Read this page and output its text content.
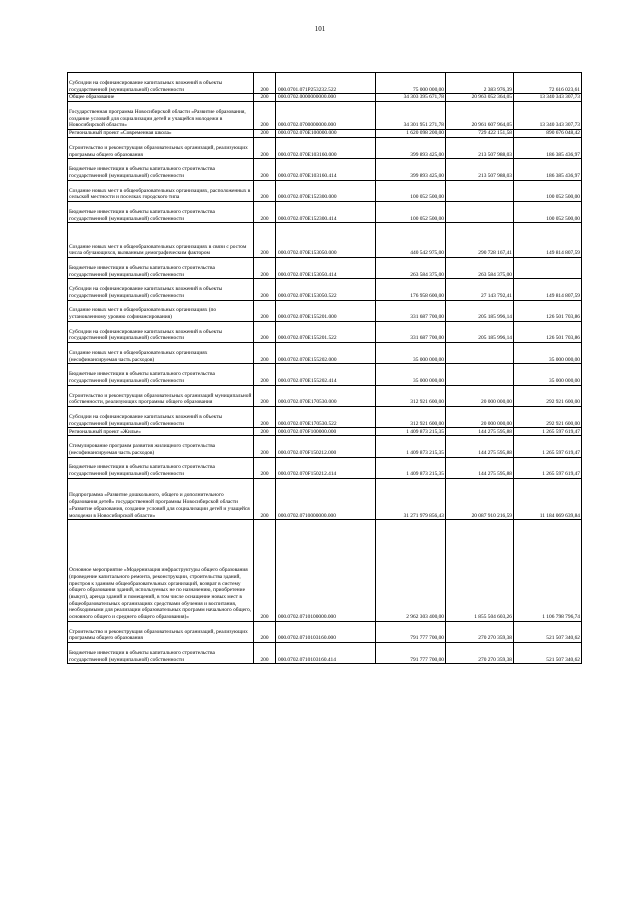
101
Субсидии на софинансирование капитальных вложений в объекты государственной (муниципальной) собственности	200	000.0701.071P253232.522	75 000 000,00	2 383 976,39	72 616 023,61
Общее образование	200	000.0702.0000000000.000	34 303 395 671,78	20 963 052 364,05	13 340 343 307,73
Государственная программа Новосибирской области «Развитие образования, создание условий для социализации детей и учащейся молодежи в Новосибирской области»	200	000.0702.0700000000.000	34 301 951 271,78	20 961 607 964,05	13 340 343 307,73
Региональный проект «Современная школа»	200	000.0702.070E100000.000	1 620 098 200,00	729 422 151,58	890 676 048,42
Строительство и реконструкция образовательных организаций, реализующих программы общего образования	200	000.0702.070E103160.000	399 893 425,00	213 507 988,03	186 385 436,97
Бюджетные инвестиции в объекты капитального строительства государственной (муниципальной) собственности	200	000.0702.070E103160.414	399 893 425,00	213 507 988,03	186 385 436,97
Создание новых мест в общеобразовательных организациях, расположенных в сельской местности и поселках городского типа	200	000.0702.070E152300.000	100 052 500,00		100 052 500,00
Бюджетные инвестиции в объекты капитального строительства государственной (муниципальной) собственности	200	000.0702.070E152300.414	100 052 500,00		100 052 500,00
Создание новых мест в общеобразовательных организациях в связи с ростом числа обучающихся, вызванным демографическим фактором	200	000.0702.070E153050.000	440 542 975,00	290 728 167,41	149 814 807,59
Бюджетные инвестиции в объекты капитального строительства государственной (муниципальной) собственности	200	000.0702.070E153050.414	263 584 375,00	263 584 375,00	
Субсидии на софинансирование капитальных вложений в объекты государственной (муниципальной) собственности	200	000.0702.070E153050.522	176 958 600,00	27 143 792,41	149 814 807,59
Создание новых мест в общеобразовательных организациях (по установленному уровню софинансирования)	200	000.0702.070E155201.000	331 687 700,00	205 185 996,14	126 501 703,86
Субсидии на софинансирование капитальных вложений в объекты государственной (муниципальной) собственности	200	000.0702.070E155201.522	331 687 700,00	205 185 996,14	126 501 703,86
Создание новых мест в общеобразовательных организациях (несофинансируемая часть расходов)	200	000.0702.070E155202.000	35 000 000,00		35 000 000,00
Бюджетные инвестиции в объекты капитального строительства государственной (муниципальной) собственности	200	000.0702.070E155202.414	35 000 000,00		35 000 000,00
Строительство и реконструкция образовательных организаций муниципальной собственности, реализующих программы общего образования	200	000.0702.070E170530.000	312 921 600,00	20 000 000,00	292 921 600,00
Субсидии на софинансирование капитальных вложений в объекты государственной (муниципальной) собственности	200	000.0702.070E170530.522	312 921 600,00	20 000 000,00	292 921 600,00
Региональный проект «Жилье»	200	000.0702.070F100000.000	1 409 873 215,35	144 275 595,88	1 265 597 619,47
Стимулирование программ развития жилищного строительства (несофинансируемая часть расходов)	200	000.0702.070F150212.000	1 409 873 215,35	144 275 595,88	1 265 597 619,47
Бюджетные инвестиции в объекты капитального строительства государственной (муниципальной) собственности	200	000.0702.070F150212.414	1 409 873 215,35	144 275 595,88	1 265 597 619,47
Подпрограмма «Развитие дошкольного, общего и дополнительного образования детей» государственной программы Новосибирской области «Развитие образования, создание условий для социализации детей и учащейся молодежи в Новосибирской области»	200	000.0702.0710000000.000	31 271 979 856,43	20 087 910 216,59	11 184 069 639,84
Основное мероприятие «Модернизация инфраструктуры общего образования (проведение капитального ремонта, реконструкции, строительства зданий, пристроя к зданиям общеобразовательных организаций, возврат в систему общего образования зданий, используемых не по назначению, приобретение (выкуп), аренда зданий и помещений, в том числе оснащение новых мест в общеобразовательных организациях средствами обучения и воспитания, необходимыми для реализации образовательных программ начального общего, основного общего и среднего общего образования)»	200	000.0702.0710100000.000	2 962 303 400,00	1 855 504 603,26	1 106 798 796,74
Строительство и реконструкция образовательных организаций, реализующих программы общего образования	200	000.0702.0710103160.000	791 777 700,00	270 270 359,38	521 507 340,62
Бюджетные инвестиции в объекты капитального строительства государственной (муниципальной) собственности	200	000.0702.0710103160.414	791 777 700,00	270 270 359,38	521 507 340,62
